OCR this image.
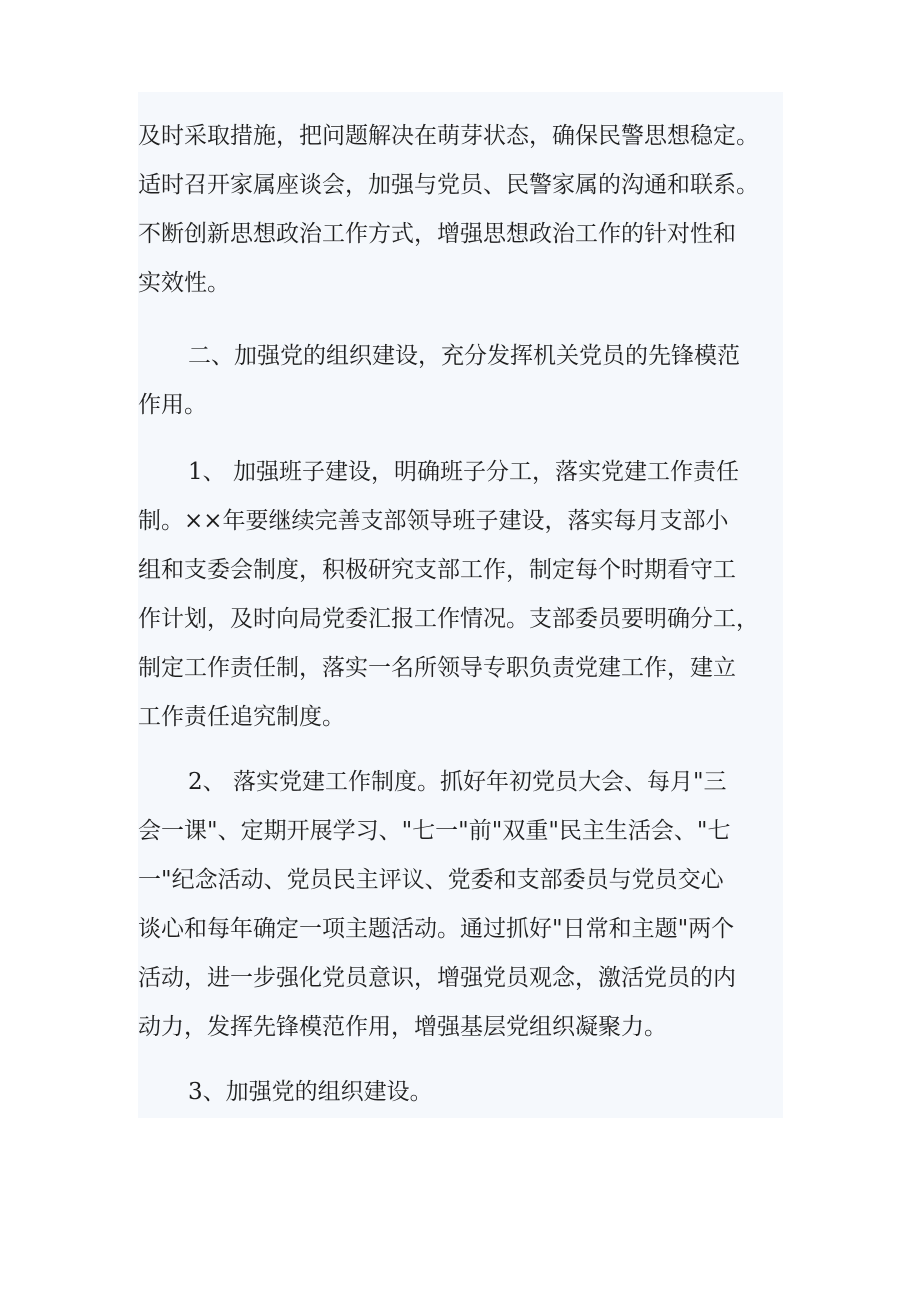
及时采取措施，把问题解决在萌芽状态，确保民警思想稳定。
适时召开家属座谈会，加强与党员、民警家属的沟通和联系。
不断创新思想政治工作方式，增强思想政治工作的针对性和
实效性。
二、加强党的组织建设，充分发挥机关党员的先锋模范
作用。
1、 加强班子建设，明确班子分工，落实党建工作责任
制。××年要继续完善支部领导班子建设，落实每月支部小
组和支委会制度，积极研究支部工作，制定每个时期看守工
作计划，及时向局党委汇报工作情况。支部委员要明确分工，
制定工作责任制，落实一名所领导专职负责党建工作，建立
工作责任追究制度。
2、 落实党建工作制度。抓好年初党员大会、每月"三
会一课"、定期开展学习、"七一"前"双重"民主生活会、"七
一"纪念活动、党员民主评议、党委和支部委员与党员交心
谈心和每年确定一项主题活动。通过抓好"日常和主题"两个
活动，进一步强化党员意识，增强党员观念，激活党员的内
动力，发挥先锋模范作用，增强基层党组织凝聚力。
3、加强党的组织建设。
